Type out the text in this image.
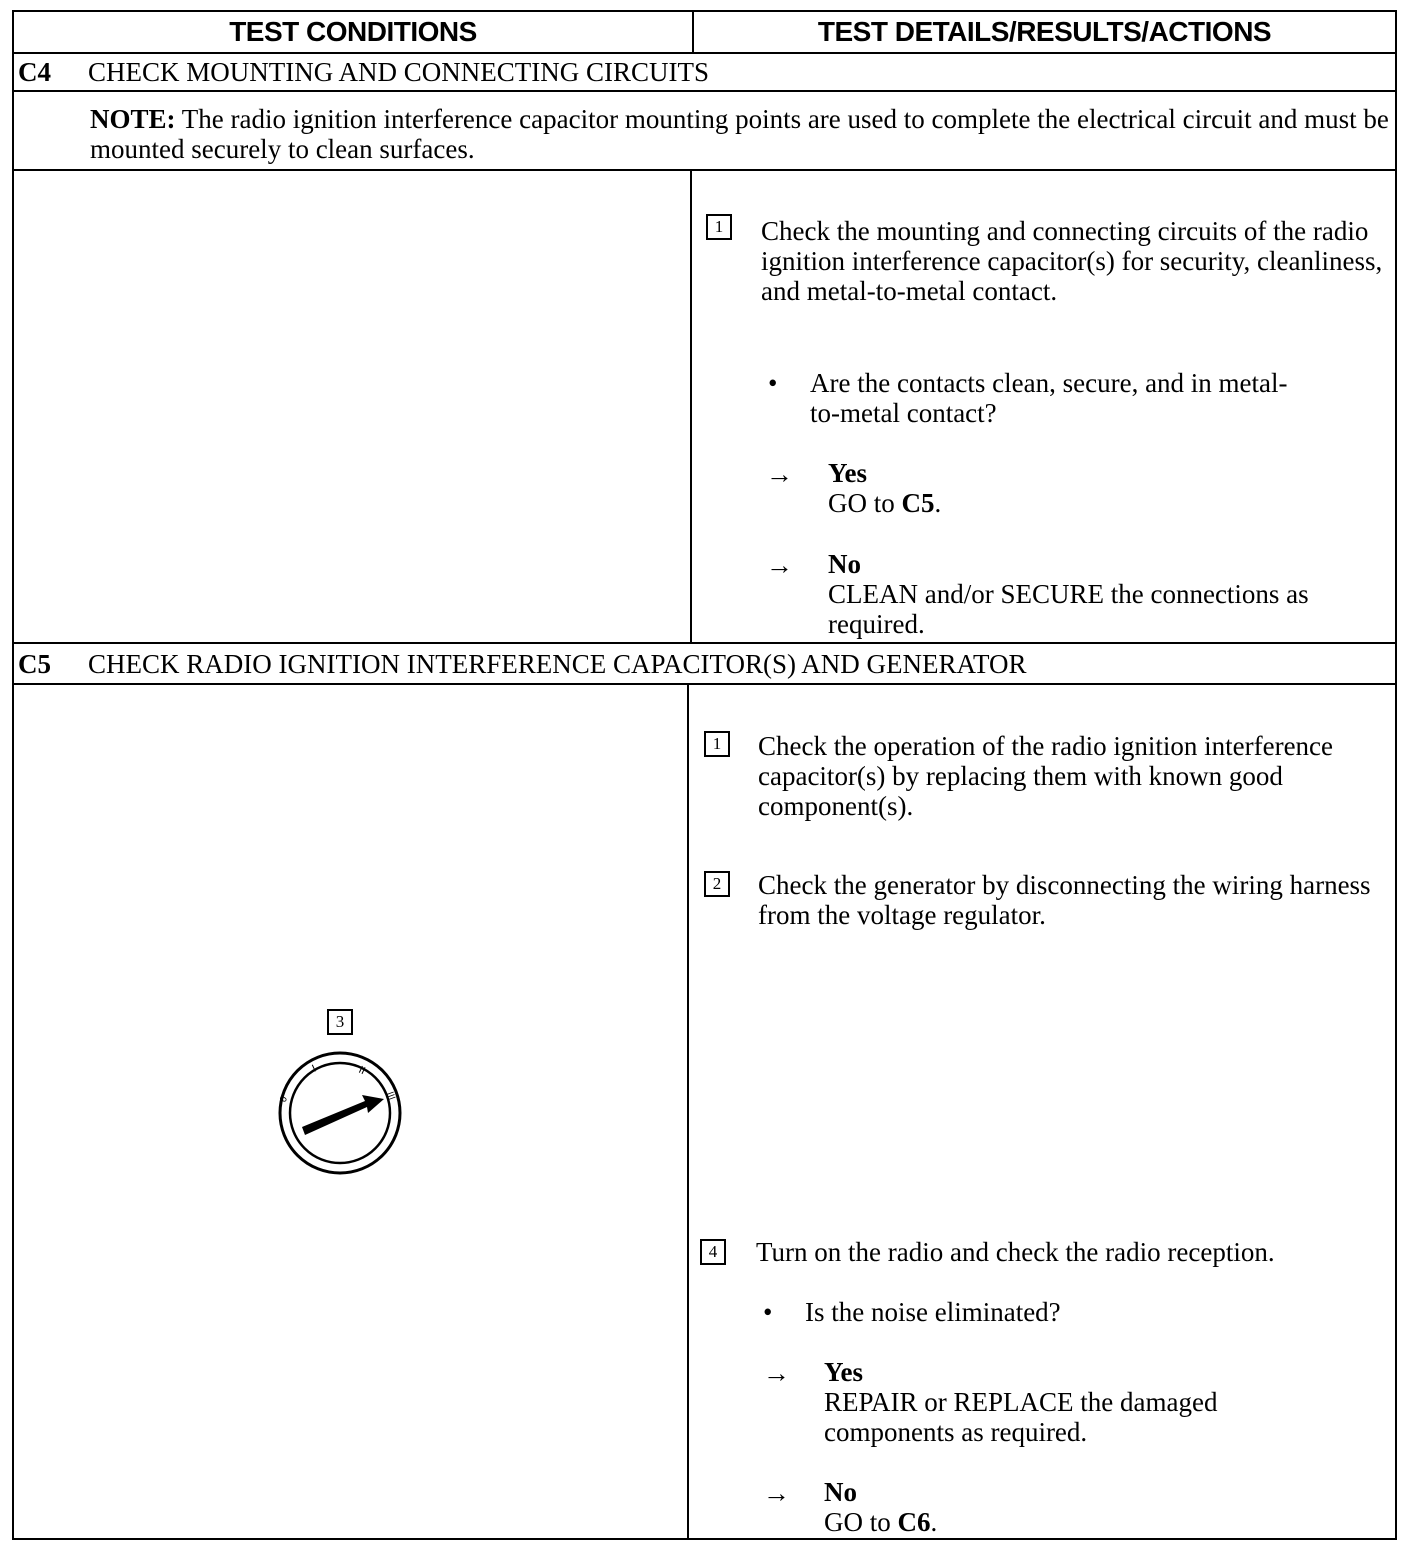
TEST CONDITIONS	TEST DETAILS/RESULTS/ACTIONS
C4	CHECK MOUNTING AND CONNECTING CIRCUITS
NOTE: The radio ignition interference capacitor mounting points are used to complete the electrical circuit and must be mounted securely to clean surfaces.
1	Check the mounting and connecting circuits of the radio ignition interference capacitor(s) for security, cleanliness, and metal-to-metal contact.
• Are the contacts clean, secure, and in metal-to-metal contact?
→ Yes
GO to C5.
→ No
CLEAN and/or SECURE the connections as required.
C5	CHECK RADIO IGNITION INTERFERENCE CAPACITOR(S) AND GENERATOR
1	Check the operation of the radio ignition interference capacitor(s) by replacing them with known good component(s).
2	Check the generator by disconnecting the wiring harness from the voltage regulator.
3
0
I	II
III
4	Turn on the radio and check the radio reception.
• Is the noise eliminated?
→ Yes
REPAIR or REPLACE the damaged components as required.
→ No
GO to C6.
